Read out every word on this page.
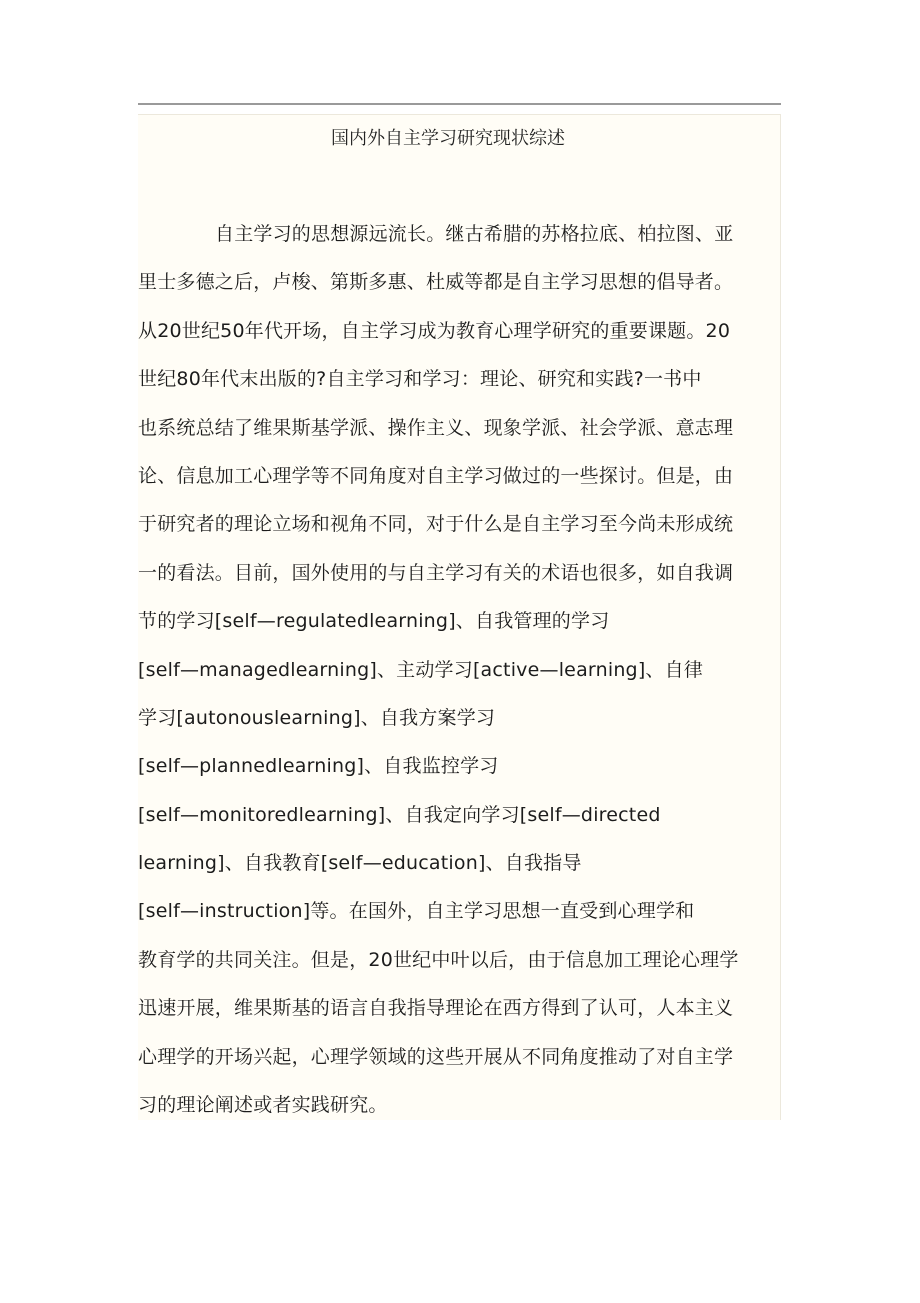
国内外自主学习研究现状综述
自主学习的思想源远流长。继古希腊的苏格拉底、柏拉图、亚
里士多德之后，卢梭、第斯多惠、杜威等都是自主学习思想的倡导者。
从20世纪50年代开场，自主学习成为教育心理学研究的重要课题。20
世纪80年代末出版的?自主学习和学习：理论、研究和实践?一书中
也系统总结了维果斯基学派、操作主义、现象学派、社会学派、意志理
论、信息加工心理学等不同角度对自主学习做过的一些探讨。但是，由
于研究者的理论立场和视角不同，对于什么是自主学习至今尚未形成统
一的看法。目前，国外使用的与自主学习有关的术语也很多，如自我调
节的学习[self—regulatedlearning]、自我管理的学习
[self—managedlearning]、主动学习[active—learning]、自律
学习[autonouslearning]、自我方案学习
[self—plannedlearning]、自我监控学习
[self—monitoredlearning]、自我定向学习[self—directed
learning]、自我教育[self—education]、自我指导
[self—instruction]等。在国外，自主学习思想一直受到心理学和
教育学的共同关注。但是，20世纪中叶以后，由于信息加工理论心理学
迅速开展，维果斯基的语言自我指导理论在西方得到了认可，人本主义
心理学的开场兴起，心理学领域的这些开展从不同角度推动了对自主学
习的理论阐述或者实践研究。
